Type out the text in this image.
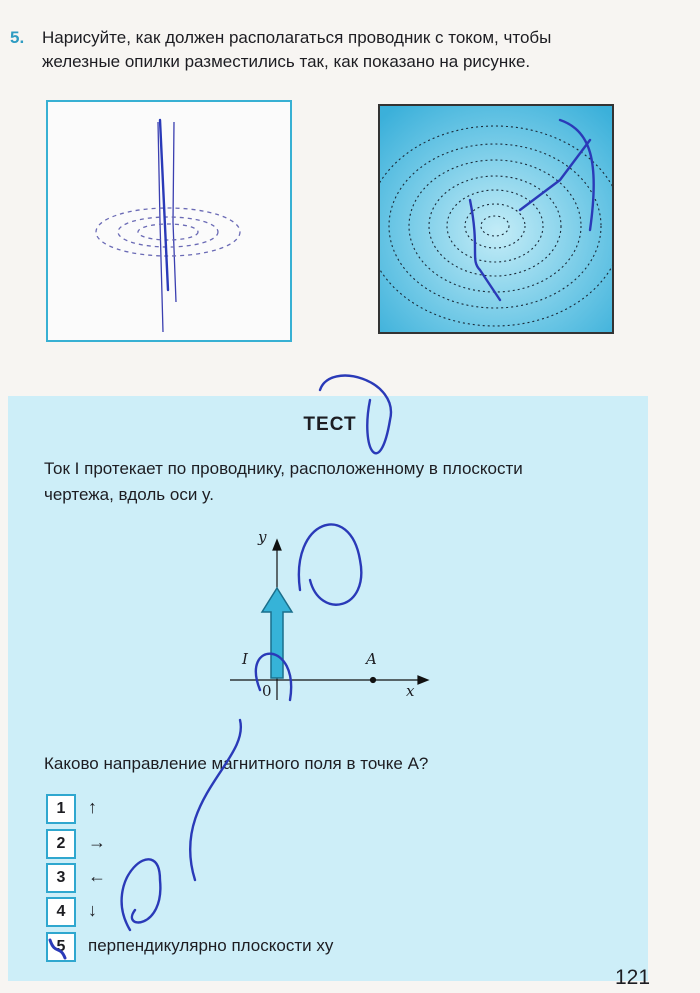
5. Нарисуйте, как должен располагаться проводник с током, чтобы
железные опилки разместились так, как показано на рисунке.

ТЕСТ

Ток I протекает по проводнику, расположенному в плоскости
чертежа, вдоль оси y.

y
x
I
0
A

Каково направление магнитного поля в точке A?

1	↑
2	→
3	←
4	↓
5	перпендикулярно плоскости xy
121
